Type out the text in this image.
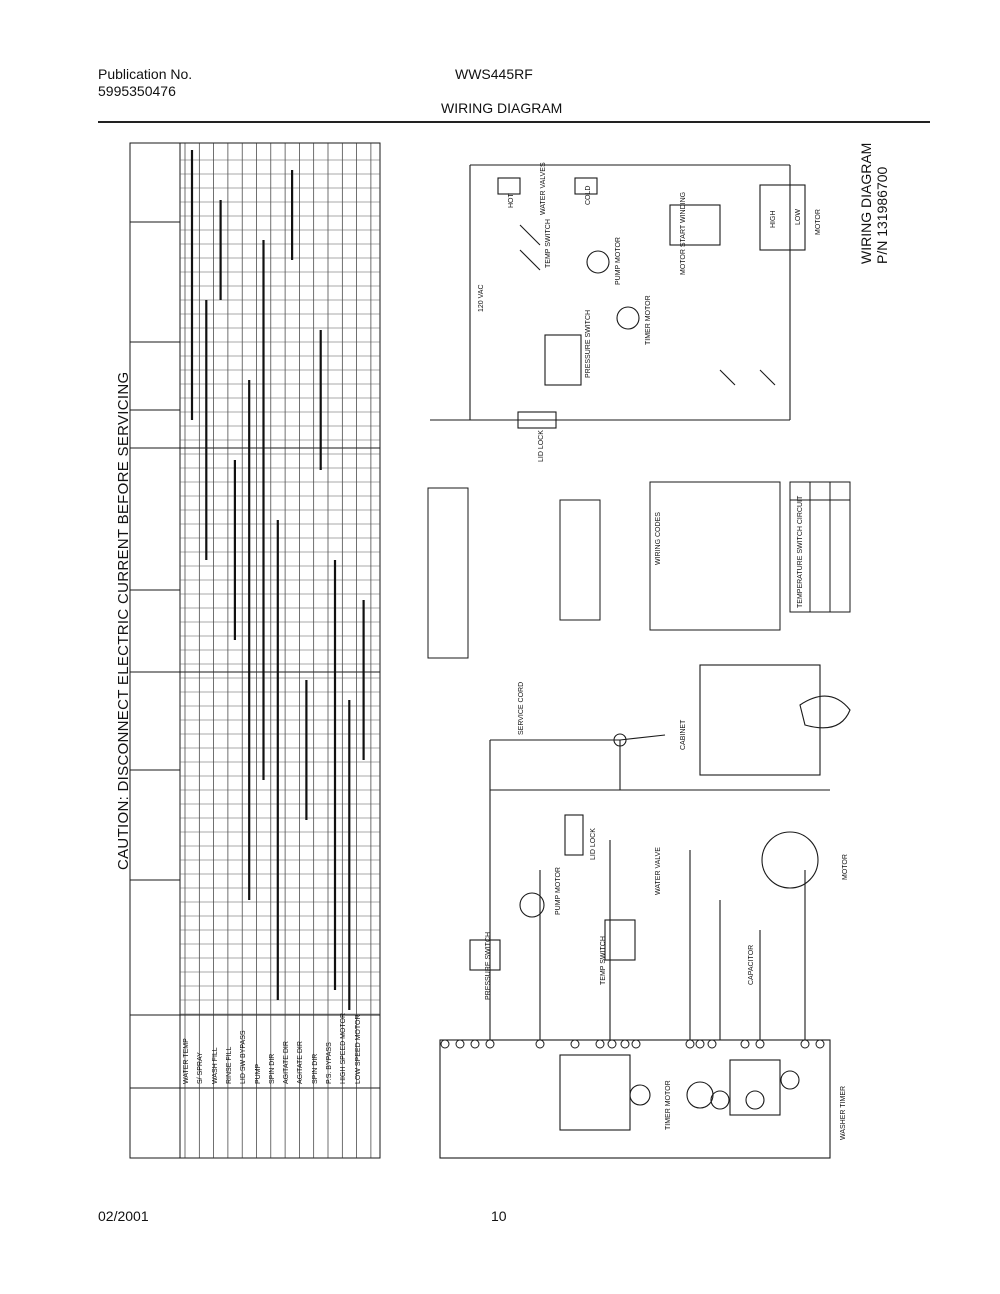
Publication No.
5995350476
WWS445RF
WIRING DIAGRAM
CAUTION: DISCONNECT ELECTRIC CURRENT BEFORE SERVICING
WIRING DIAGRAM P/N 131986700
HOT	COLD
WATER VALVES
TEMP SWITCH	PUMP MOTOR	MOTOR START WINDING	MOTOR
TIMER MOTOR
PRESSURE SWITCH
LID LOCK
120 VAC
HIGH	LOW
WIRING CODES	TEMPERATURE SWITCH CIRCUIT
WASHER TIMER
SERVICE CORD	CABINET
MOTOR
WATER VALVE
PUMP MOTOR
TEMP SWITCH	CAPACITOR
LID LOCK
PRESSURE SWITCH
TIMER MOTOR
WATER TEMP S/ SPRAY WASH FILL RINSE FILL LID SW BYPASS PUMP SPIN DIR AGITATE DIR AGITATE DIR SPIN DIR P.S. BYPASS HIGH SPEED MOTOR LOW SPEED MOTOR
02/2001	10
